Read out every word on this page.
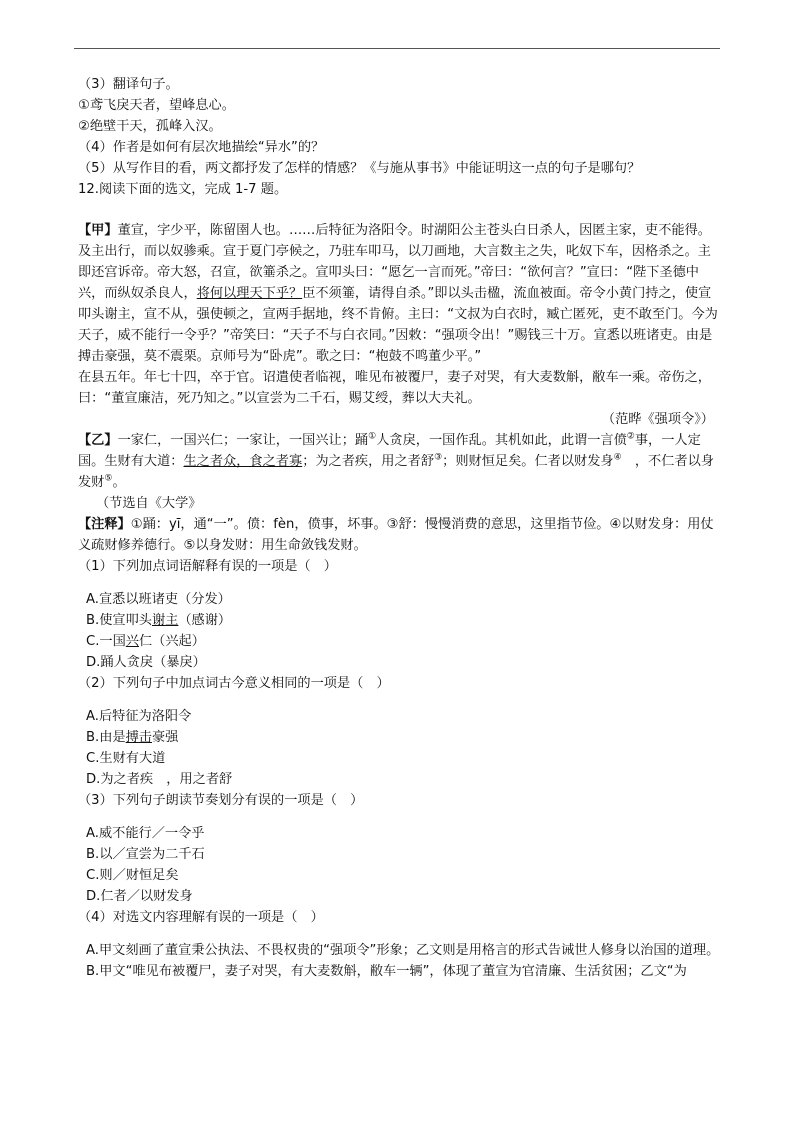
（3）翻译句子。

①鸢飞戾天者，望峰息心。

②绝壁干天，孤峰入汉。

（4）作者是如何有层次地描绘“异水”的？

（5）从写作目的看，两文都抒发了怎样的情感？《与施从事书》中能证明这一点的句子是哪句？

12.阅读下面的选文，完成 1-7 题。

【甲】董宣，字少平，陈留圉人也。……后特征为洛阳令。时湖阳公主苍头白日杀人，因匿主家，吏不能得。及主出行，而以奴骖乘。宣于夏门亭候之，乃驻车叩马，以刀画地，大言数主之失，叱奴下车，因格杀之。主即还宫诉帝。帝大怒，召宣，欲箠杀之。宣叩头曰：“愿乞一言而死。”帝曰：“欲何言？”宣曰：“陛下圣德中兴，而纵奴杀良人，将何以理天下乎？臣不须箠，请得自杀。”即以头击楹，流血被面。帝令小黄门持之，使宣叩头谢主，宣不从，强使顿之，宣两手据地，终不肯俯。主曰：“文叔为白衣时，臧亡匿死，吏不敢至门。今为天子，威不能行一令乎？”帝笑曰：“天子不与白衣同。”因敕：“强项令出！”赐钱三十万。宣悉以班诸吏。由是搏击豪强，莫不震栗。京师号为“卧虎”。歌之曰：“枹鼓不鸣董少平。”

在县五年。年七十四，卒于官。诏遣使者临视，唯见布被覆尸，妻子对哭，有大麦数斛，敝车一乘。帝伤之，曰：“董宣廉洁，死乃知之。”以宣尝为二千石，赐艾绶，葬以大夫礼。

（范晔《强项令》）

【乙】一家仁，一国兴仁；一家让，一国兴让；踊①人贪戾，一国作乱。其机如此，此谓一言偾②事，一人定国。生财有大道：生之者众，食之者寡；为之者疾，用之者舒③；则财恒足矣。仁者以财发身④　 ，不仁者以身发财⑤。

（节选自《大学》

【注释】①踊：yī，通“一”。偾：fèn，偾事，坏事。③舒：慢慢消费的意思，这里指节俭。④以财发身：用仗义疏财修养德行。⑤以身发财：用生命敛钱发财。

（1）下列加点词语解释有误的一项是（　）

A.宣悉以班诸吏（分发）

B.使宣叩头谢主（感谢）

C.一国兴仁（兴起）

D.踊人贪戾（暴戾）

（2）下列句子中加点词古今意义相同的一项是（　）

A.后特征为洛阳令

B.由是搏击豪强

C.生财有大道

D.为之者疾　，用之者舒

（3）下列句子朗读节奏划分有误的一项是（　）

A.威不能行／一令乎

B.以／宣尝为二千石

C.则／财恒足矣

D.仁者／以财发身

（4）对选文内容理解有误的一项是（　）

A.甲文刻画了董宣秉公执法、不畏权贵的“强项令”形象；乙文则是用格言的形式告诫世人修身以治国的道理。

B.甲文“唯见布被覆尸，妻子对哭，有大麦数斛，敝车一辆”，体现了董宣为官清廉、生活贫困；乙文“为
